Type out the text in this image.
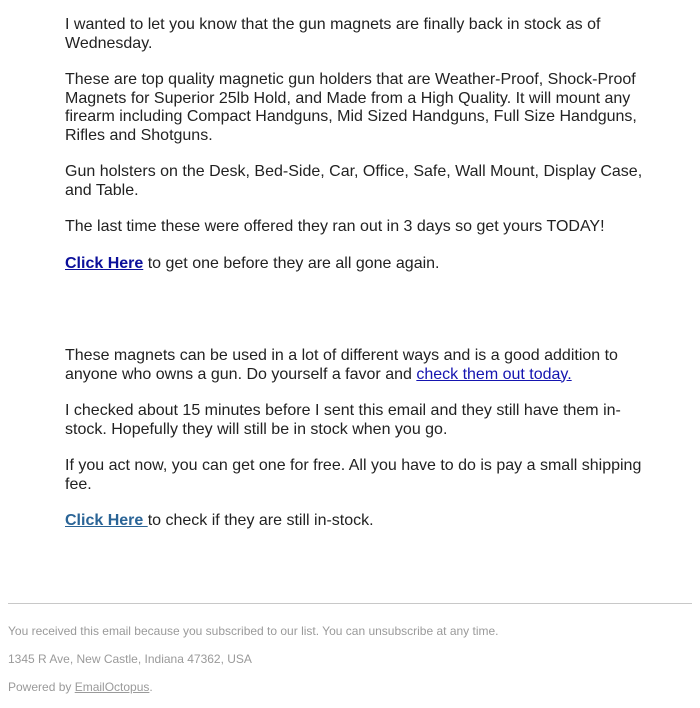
I wanted to let you know that the gun magnets are finally back in stock as of Wednesday.

These are top quality magnetic gun holders that are Weather-Proof, Shock-Proof Magnets for Superior 25lb Hold, and Made from a High Quality. It will mount any firearm including Compact Handguns, Mid Sized Handguns, Full Size Handguns, Rifles and Shotguns.

Gun holsters on the Desk, Bed-Side, Car, Office, Safe, Wall Mount, Display Case, and Table.

The last time these were offered they ran out in 3 days so get yours TODAY!

Click Here to get one before they are all gone again.

These magnets can be used in a lot of different ways and is a good addition to anyone who owns a gun. Do yourself a favor and check them out today.

I checked about 15 minutes before I sent this email and they still have them in-stock. Hopefully they will still be in stock when you go.

If you act now, you can get one for free. All you have to do is pay a small shipping fee.

Click Here to check if they are still in-stock.

You received this email because you subscribed to our list. You can unsubscribe at any time.

1345 R Ave, New Castle, Indiana 47362, USA

Powered by EmailOctopus.
